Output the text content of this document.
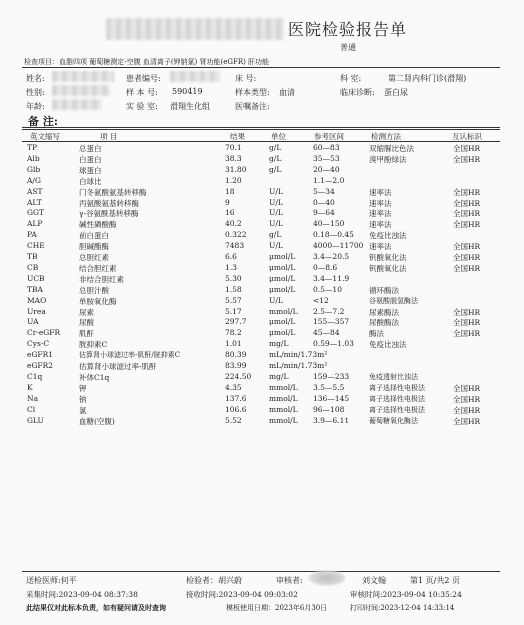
医院检验报告单
普通
检查项目：血脂四项 葡萄糖测定-空腹 血清离子(钾钠氯) 肾功能(eGFR) 肝功能
姓名:
性别:
年龄:
患者编号:
样 本 号: 590419
实 验 室: 滑翔生化组
床 号:
样本类型: 血清
医嘱备注:
科 室:	第二肾内科门诊(滑翔)
临床诊断: 蛋白尿
备 注:
英文缩写	项 目	结果	单位	参考区间	检测方法	互认标识
TP	总蛋白	70.1	g/L	60—83	双缩脲比色法	全国HR
Alb	白蛋白	38.3	g/L	35—53	溴甲酚绿法	全国HR
Glb	球蛋白	31.80	g/L	20—40
A/G	白球比	1.20	1.1—2.0
AST	门冬氨酸氨基转移酶	18	U/L	5—34	速率法	全国HR
ALT	丙氨酸氨基转移酶	9	U/L	0—40	速率法	全国HR
GGT	γ-谷氨酰基转移酶	16	U/L	9—64	速率法	全国HR
ALP	碱性磷酸酶	40.2	U/L	40—150	速率法	全国HR
PA	前白蛋白	0.322	g/L	0.18—0.45 免疫比浊法
CHE	胆碱酯酶	7483	U/L	4000—11700 速率法	全国HR
TB	总胆红素	6.6	μmol/L 3.4—20.5	钒酸氧化法	全国HR
CB	结合胆红素	1.3	μmol/L 0—8.6	钒酸氧化法	全国HR
UCB	非结合胆红素	5.30	μmol/L 3.4—11.9
TBA	总胆汁酸	1.58	μmol/L 0.5—10	循环酶法
MAO	单胺氧化酶	5.57	U/L	<12	谷氨酸脱氢酶法
Urea	尿素	5.17	mmol/L 2.5—7.2	尿素酶法	全国HR
UA	尿酸	297.7	μmol/L 155—357	尿酸酶法	全国HR
Cr-eGFR	肌酐	78.2	μmol/L 45—84	酶法	全国HR
Cys-C	胱抑素C	1.01	mg/L	0.59—1.03 免疫比浊法
eGFR1	估算肾小球滤过率-肌酐/胱抑素C	80.39	mL/min/1.73m²
eGFR2	估算肾小球滤过率-肌酐	83.99	mL/min/1.73m²
C1q	补体C1q	224.50 mg/L	159—233	免疫透射比浊法
K	钾	4.35	mmol/L 3.5—5.5	离子选择性电极法	全国HR
Na	钠	137.6	mmol/L 136—145	离子选择性电极法	全国HR
Cl	氯	106.6	mmol/L 96—108	离子选择性电极法	全国HR
GLU	血糖(空腹)	5.52	mmol/L 3.9—6.11	葡萄糖氧化酶法	全国HR
送检医师:何平	检验者：胡兴蔚	审核者:	刘文翰	第1 页/共2 页
采集时间:2023-09-04 08:37:38	接收时间:2023-09-04 09:03:02	审核时间:2023-09-04 10:35:24
此结果仅对此标本负责，如有疑问请及时查询	模板使用日期：2023年6月30日	打印时间:2023-12-04 14:33:14
